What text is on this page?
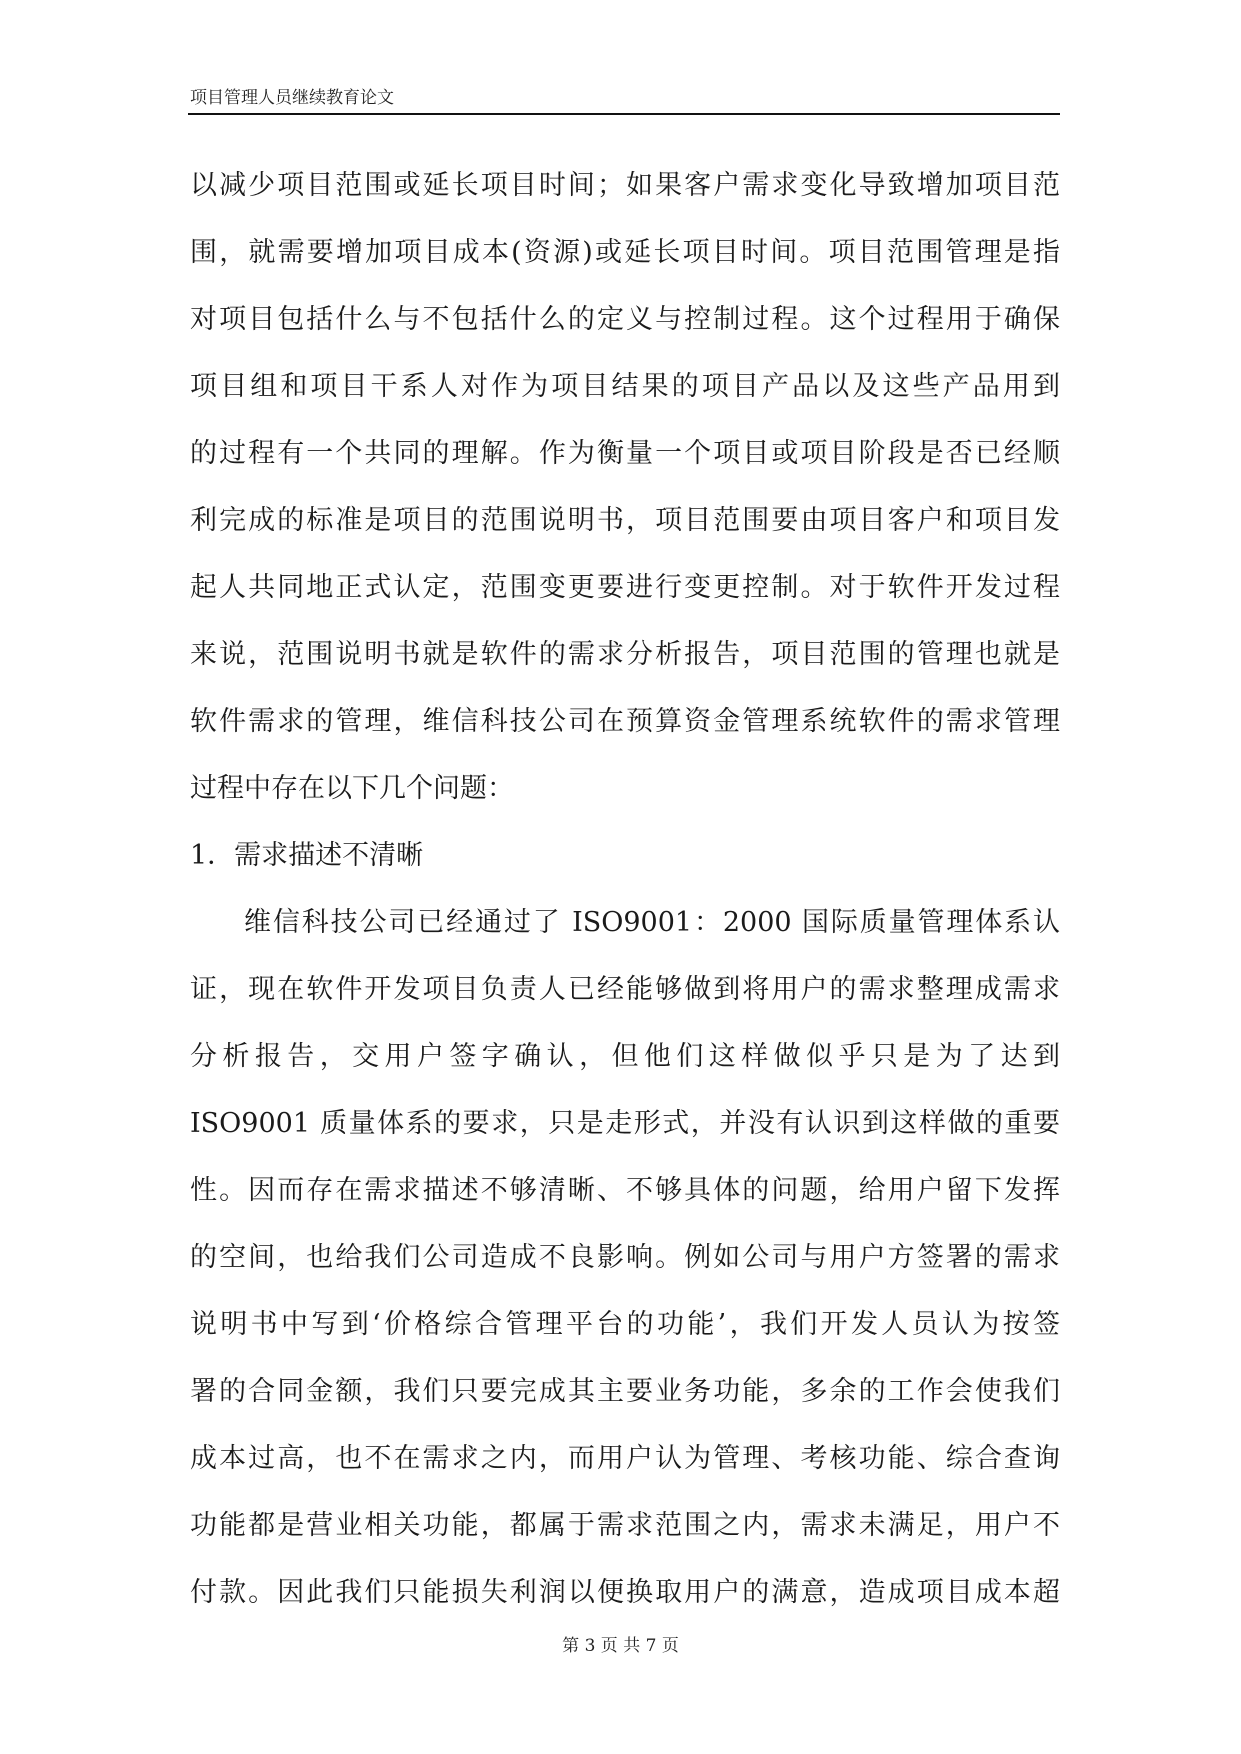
项目管理人员继续教育论文
以减少项目范围或延长项目时间；如果客户需求变化导致增加项目范
围，就需要增加项目成本(资源)或延长项目时间。项目范围管理是指
对项目包括什么与不包括什么的定义与控制过程。这个过程用于确保
项目组和项目干系人对作为项目结果的项目产品以及这些产品用到
的过程有一个共同的理解。作为衡量一个项目或项目阶段是否已经顺
利完成的标准是项目的范围说明书，项目范围要由项目客户和项目发
起人共同地正式认定，范围变更要进行变更控制。对于软件开发过程
来说，范围说明书就是软件的需求分析报告，项目范围的管理也就是
软件需求的管理，维信科技公司在预算资金管理系统软件的需求管理
过程中存在以下几个问题：
1．需求描述不清晰
维信科技公司已经通过了 ISO9001：2000 国际质量管理体系认
证，现在软件开发项目负责人已经能够做到将用户的需求整理成需求
分析报告，交用户签字确认，但他们这样做似乎只是为了达到
ISO9001 质量体系的要求，只是走形式，并没有认识到这样做的重要
性。因而存在需求描述不够清晰、不够具体的问题，给用户留下发挥
的空间，也给我们公司造成不良影响。例如公司与用户方签署的需求
说明书中写到‘价格综合管理平台的功能’，我们开发人员认为按签
署的合同金额，我们只要完成其主要业务功能，多余的工作会使我们
成本过高，也不在需求之内，而用户认为管理、考核功能、综合查询
功能都是营业相关功能，都属于需求范围之内，需求未满足，用户不
付款。因此我们只能损失利润以便换取用户的满意，造成项目成本超
第 3 页 共 7 页
